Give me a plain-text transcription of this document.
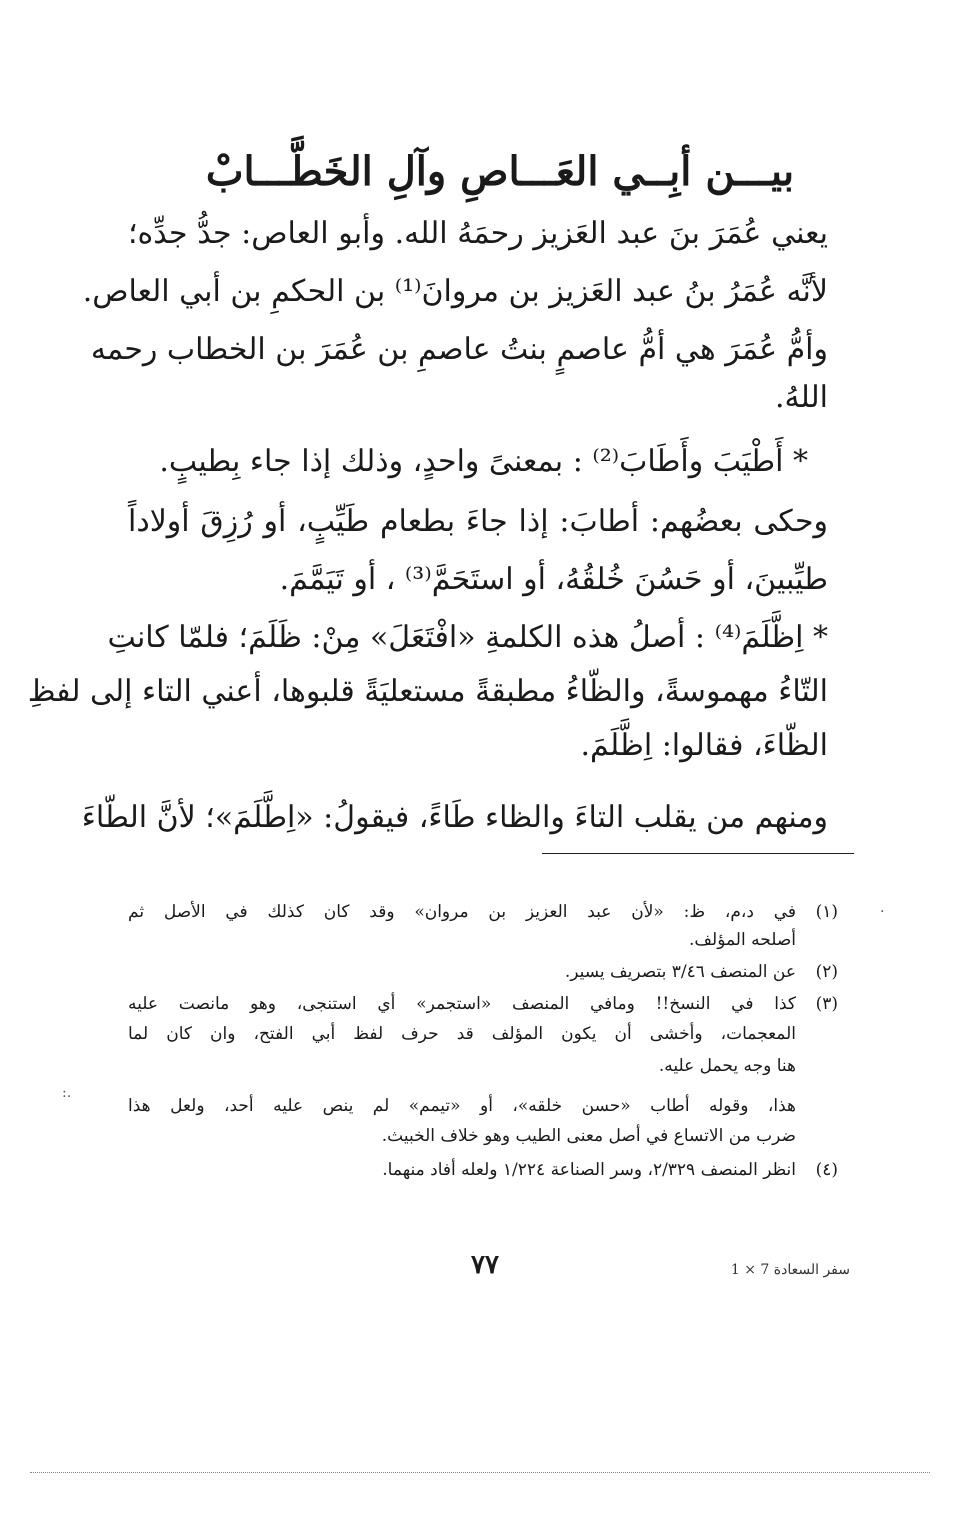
بيـــن أبِــي العَـــاصِ وآلِ الخَطَّـــابْ
يعني عُمَرَ بنَ عبد العَزيز رحمَهُ الله. وأبو العاص: جدُّ جدِّه؛
لأنَّه عُمَرُ بنُ عبد العَزيز بن مروانَ⁽¹⁾ بن الحكمِ بن أبي العاص.
وأمُّ عُمَرَ هي أمُّ عاصمٍ بنتُ عاصمِ بن عُمَرَ بن الخطاب رحمه
اللهُ.
* أَطْيَبَ وأَطَابَ⁽²⁾ : بمعنىً واحدٍ، وذلك إذا جاء بِطيبٍ.
وحكى بعضُهم: أطابَ: إذا جاءَ بطعام طَيِّبٍ، أو رُزِقَ أولاداً
طيِّبينَ، أو حَسُنَ خُلقُهُ، أو استَحَمَّ⁽³⁾ ، أو تَيَمَّمَ.
* اِظَّلَمَ⁽⁴⁾ : أصلُ هذه الكلمةِ «افْتَعَلَ» مِنْ: ظَلَمَ؛ فلمّا كانتِ
التّاءُ مهموسةً، والظّاءُ مطبقةً مستعليَةً قلبوها، أعني التاء إلى لفظِ
الظّاءَ، فقالوا: اِظَّلَمَ.
ومنهم من يقلب التاءَ والظاء طَاءً، فيقولُ: «اِطَّلَمَ»؛ لأنَّ الطّاءَ
(١)في د،م، ظ: «لأن عبد العزيز بن مروان» وقد كان كذلك في الأصل ثم
أصلحه المؤلف.
(٢)عن المنصف ٣/٤٦ بتصريف يسير.
(٣)كذا في النسخ!! ومافي المنصف «استجمر» أي استنجى، وهو مانصت عليه
المعجمات، وأخشى أن يكون المؤلف قد حرف لفظ أبي الفتح، وان كان لما
هنا وجه يحمل عليه.
هذا، وقوله أطاب «حسن خلقه»، أو «تيمم» لم ينص عليه أحد، ولعل هذا
ضرب من الاتساع في أصل معنى الطيب وهو خلاف الخبيث.
(٤)انظر المنصف ٢/٣٢٩، وسر الصناعة ١/٢٢٤ ولعله أفاد منهما.
٧٧	سفر السعادة 7 × 1
.
.:
